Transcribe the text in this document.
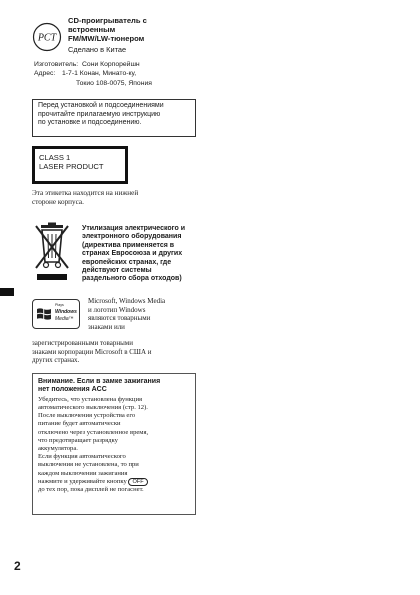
PCT
CD-проигрыватель с
встроенным
FM/MW/LW-тюнером
Сделано в Китае
Изготовитель: Сони Корпорейшн
Адрес: 1-7-1 Конан, Минато-ку,
Токио 108-0075, Япония
Перед установкой и подсоединениями
прочитайте прилагаемую инструкцию
по установке и подсоединению.
CLASS 1
LASER PRODUCT
Эта этикетка находится на нижней
стороне корпуса.
Утилизация электрического и
электронного оборудования
(директива применяется в
странах Евросоюза и других
европейских странах, где
действуют системы
раздельного сбора отходов)
Plays
Windows
Media™
Microsoft, Windows Media
и логотип Windows
являются товарными
знаками или
зарегистрированными товарными
знаками корпорации Microsoft в США и
других странах.
Внимание. Если в замке зажигания
нет положения ACC
Убедитесь, что установлена функция
автоматического выключения (стр. 12).
После выключения устройства его
питание будет автоматически
отключено через установленное время,
что предотвращает разрядку
аккумулятора.
Если функция автоматического
выключения не установлена, то при
каждом выключении зажигания
нажмите и удерживайте кнопку OFF
до тех пор, пока дисплей не погаснет.
2
